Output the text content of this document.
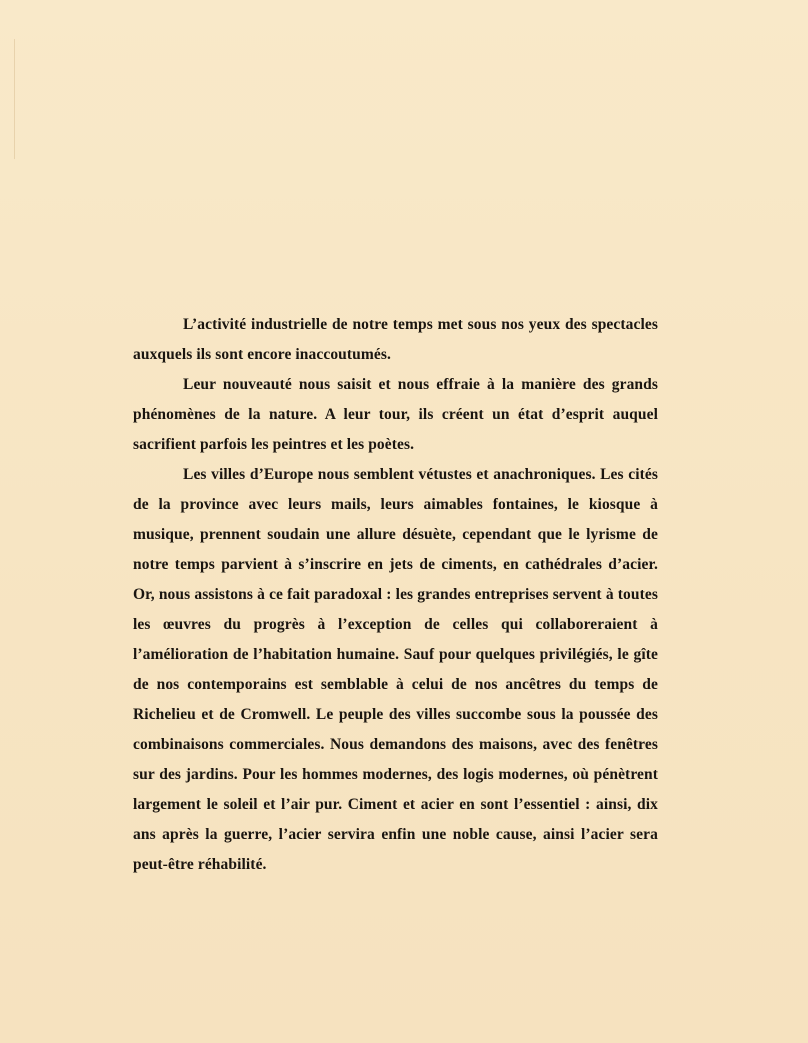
L’activité industrielle de notre temps met sous nos yeux des spectacles auxquels ils sont encore inaccoutumés.

Leur nouveauté nous saisit et nous effraie à la manière des grands phénomènes de la nature. A leur tour, ils créent un état d’esprit auquel sacrifient parfois les peintres et les poètes.

Les villes d’Europe nous semblent vétustes et anachroniques. Les cités de la province avec leurs mails, leurs aimables fontaines, le kiosque à musique, prennent soudain une allure désuète, cependant que le lyrisme de notre temps parvient à s’inscrire en jets de ciments, en cathédrales d’acier. Or, nous assistons à ce fait paradoxal : les grandes entreprises servent à toutes les œuvres du progrès à l’exception de celles qui collaboreraient à l’amélioration de l’habitation humaine. Sauf pour quelques privilégiés, le gîte de nos contemporains est semblable à celui de nos ancêtres du temps de Richelieu et de Cromwell. Le peuple des villes succombe sous la poussée des combinaisons commerciales. Nous demandons des maisons, avec des fenêtres sur des jardins. Pour les hommes modernes, des logis modernes, où pénètrent largement le soleil et l’air pur. Ciment et acier en sont l’essentiel : ainsi, dix ans après la guerre, l’acier servira enfin une noble cause, ainsi l’acier sera peut-être réhabilité.
